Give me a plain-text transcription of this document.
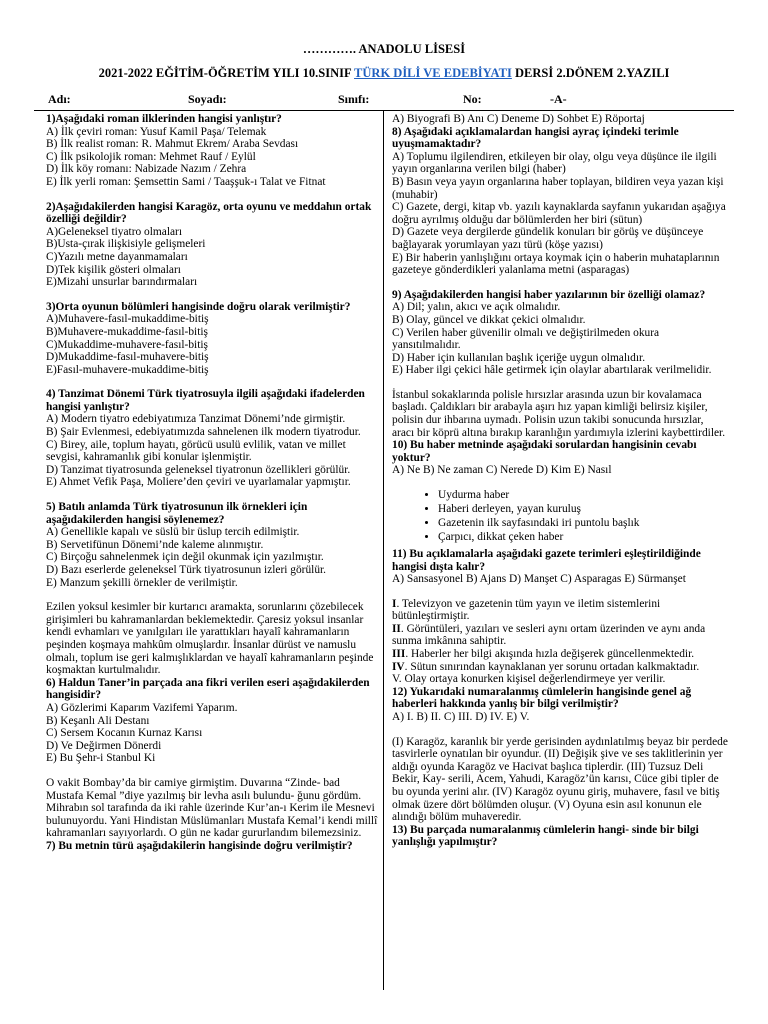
…………. ANADOLU LİSESİ
2021-2022 EĞİTİM-ÖĞRETİM YILI 10.SINIF TÜRK DİLİ VE EDEBİYATI DERSİ 2.DÖNEM 2.YAZILI
Adı:	Soyadı:	Sınıfı:	No:	-A-
1)Aşağıdaki roman ilklerinden hangisi yanlıştır?
A) İlk çeviri roman: Yusuf Kamil Paşa/ Telemak
B) İlk realist roman: R. Mahmut Ekrem/ Araba Sevdası
C) İlk psikolojik roman: Mehmet Rauf / Eylül
D) İlk köy romanı: Nabizade Nazım / Zehra
E) İlk yerli roman: Şemsettin Sami / Taaşşuk-ı Talat ve Fitnat
2)Aşağıdakilerden hangisi Karagöz, orta oyunu ve meddahın ortak özelliği değildir?
A)Geleneksel tiyatro olmaları
B)Usta-çırak ilişkisiyle gelişmeleri
C)Yazılı metne dayanmamaları
D)Tek kişilik gösteri olmaları
E)Mizahi unsurlar barındırmaları
3)Orta oyunun bölümleri hangisinde doğru olarak verilmiştir?
A)Muhavere-fasıl-mukaddime-bitiş
B)Muhavere-mukaddime-fasıl-bitiş
C)Mukaddime-muhavere-fasıl-bitiş
D)Mukaddime-fasıl-muhavere-bitiş
E)Fasıl-muhavere-mukaddime-bitiş
4) Tanzimat Dönemi Türk tiyatrosuyla ilgili aşağıdaki ifadelerden hangisi yanlıştır?
A) Modern tiyatro edebiyatımıza Tanzimat Dönemi’nde girmiştir.
B) Şair Evlenmesi, edebiyatımızda sahnelenen ilk modern tiyatrodur.
C) Birey, aile, toplum hayatı, görücü usulü evlilik, vatan ve millet sevgisi, kahramanlık gibi konular işlenmiştir.
D) Tanzimat tiyatrosunda geleneksel tiyatronun özellikleri görülür.
E) Ahmet Vefik Paşa, Moliere’den çeviri ve uyarlamalar yapmıştır.
5) Batılı anlamda Türk tiyatrosunun ilk örnekleri için aşağıdakilerden hangisi söylenemez?
A) Genellikle kapalı ve süslü bir üslup tercih edilmiştir.
B) Servetifünun Dönemi’nde kaleme alınmıştır.
C) Birçoğu sahnelenmek için değil okunmak için yazılmıştır.
D) Bazı eserlerde geleneksel Türk tiyatrosunun izleri görülür.
E) Manzum şekilli örnekler de verilmiştir.
Ezilen yoksul kesimler bir kurtarıcı aramakta, sorunlarını çözebilecek girişimleri bu kahramanlardan beklemektedir. Çaresiz yoksul insanlar kendi evhamları ve yanılgıları ile yarattıkları hayalî kahramanların peşinden koşmaya mahkûm olmuşlardır. İnsanlar dürüst ve namuslu olmalı, toplum ise geri kalmışlıklardan ve hayalî kahramanların peşinde koşmaktan kurtulmalıdır.
6) Haldun Taner’in parçada ana fikri verilen eseri aşağıdakilerden hangisidir?
A) Gözlerimi Kaparım Vazifemi Yaparım.
B) Keşanlı Ali Destanı
C) Sersem Kocanın Kurnaz Karısı
D) Ve Değirmen Dönerdi
E) Bu Şehr-i Stanbul Ki
O vakit Bombay’da bir camiye girmiştim. Duvarına “Zinde- bad Mustafa Kemal ”diye yazılmış bir levha asılı bulundu- ğunu gördüm. Mihrabın sol tarafında da iki rahle üzerinde Kur’an-ı Kerim ile Mesnevi bulunuyordu. Yani Hindistan Müslümanları Mustafa Kemal’i kendi millî kahramanları sayıyorlardı. O gün ne kadar gururlandım bilemezsiniz.
7) Bu metnin türü aşağıdakilerin hangisinde doğru verilmiştir?
A) Biyografi B) Anı C) Deneme D) Sohbet E) Röportaj
8) Aşağıdaki açıklamalardan hangisi ayraç içindeki terimle uyuşmamaktadır?
A) Toplumu ilgilendiren, etkileyen bir olay, olgu veya düşünce ile ilgili yayın organlarına verilen bilgi (haber)
B) Basın veya yayın organlarına haber toplayan, bildiren veya yazan kişi (muhabir)
C) Gazete, dergi, kitap vb. yazılı kaynaklarda sayfanın yukarıdan aşağıya doğru ayrılmış olduğu dar bölümlerden her biri (sütun)
D) Gazete veya dergilerde gündelik konuları bir görüş ve düşünceye bağlayarak yorumlayan yazı türü (köşe yazısı)
E) Bir haberin yanlışlığını ortaya koymak için o haberin muhataplarının gazeteye gönderdikleri yalanlama metni (asparagas)
9) Aşağıdakilerden hangisi haber yazılarının bir özelliği olamaz?
A) Dil; yalın, akıcı ve açık olmalıdır.
B) Olay, güncel ve dikkat çekici olmalıdır.
C) Verilen haber güvenilir olmalı ve değiştirilmeden okura yansıtılmalıdır.
D) Haber için kullanılan başlık içeriğe uygun olmalıdır.
E) Haber ilgi çekici hâle getirmek için olaylar abartılarak verilmelidir.
İstanbul sokaklarında polisle hırsızlar arasında uzun bir kovalamaca başladı. Çaldıkları bir arabayla aşırı hız yapan kimliği belirsiz kişiler, polisin dur ihbarına uymadı. Polisin uzun takibi sonucunda hırsızlar, aracı bir köprü altına bırakıp karanlığın yardımıyla izlerini kaybettirdiler.
10) Bu haber metninde aşağıdaki sorulardan hangisinin cevabı yoktur?
A) Ne B) Ne zaman C) Nerede D) Kim E) Nasıl
• Uydurma haber
• Haberi derleyen, yayan kuruluş
• Gazetenin ilk sayfasındaki iri puntolu başlık
• Çarpıcı, dikkat çeken haber
11) Bu açıklamalarla aşağıdaki gazete terimleri eşleştirildiğinde hangisi dışta kalır?
A) Sansasyonel B) Ajans D) Manşet C) Asparagas E) Sürmanşet
I. Televizyon ve gazetenin tüm yayın ve iletim sistemlerini bütünleştirmiştir.
II. Görüntüleri, yazıları ve sesleri aynı ortam üzerinden ve aynı anda sunma imkânına sahiptir.
III. Haberler her bilgi akışında hızla değişerek güncellenmektedir.
IV. Sütun sınırından kaynaklanan yer sorunu ortadan kalkmaktadır.
V. Olay ortaya konurken kişisel değerlendirmeye yer verilir.
12) Yukarıdaki numaralanmış cümlelerin hangisinde genel ağ haberleri hakkında yanlış bir bilgi verilmiştir?
A) I. B) II. C) III. D) IV. E) V.
(I) Karagöz, karanlık bir yerde gerisinden aydınlatılmış beyaz bir perdede tasvirlerle oynatılan bir oyundur. (II) Değişik şive ve ses taklitlerinin yer aldığı oyunda Karagöz ve Hacivat başlıca tiplerdir. (III) Tuzsuz Deli Bekir, Kay- serili, Acem, Yahudi, Karagöz’ün karısı, Cüce gibi tipler de bu oyunda yerini alır. (IV) Karagöz oyunu giriş, muhavere, fasıl ve bitiş olmak üzere dört bölümden oluşur. (V) Oyuna esin asıl konunun ele alındığı bölüm muhaveredir.
13) Bu parçada numaralanmış cümlelerin hangi- sinde bir bilgi yanlışlığı yapılmıştır?
